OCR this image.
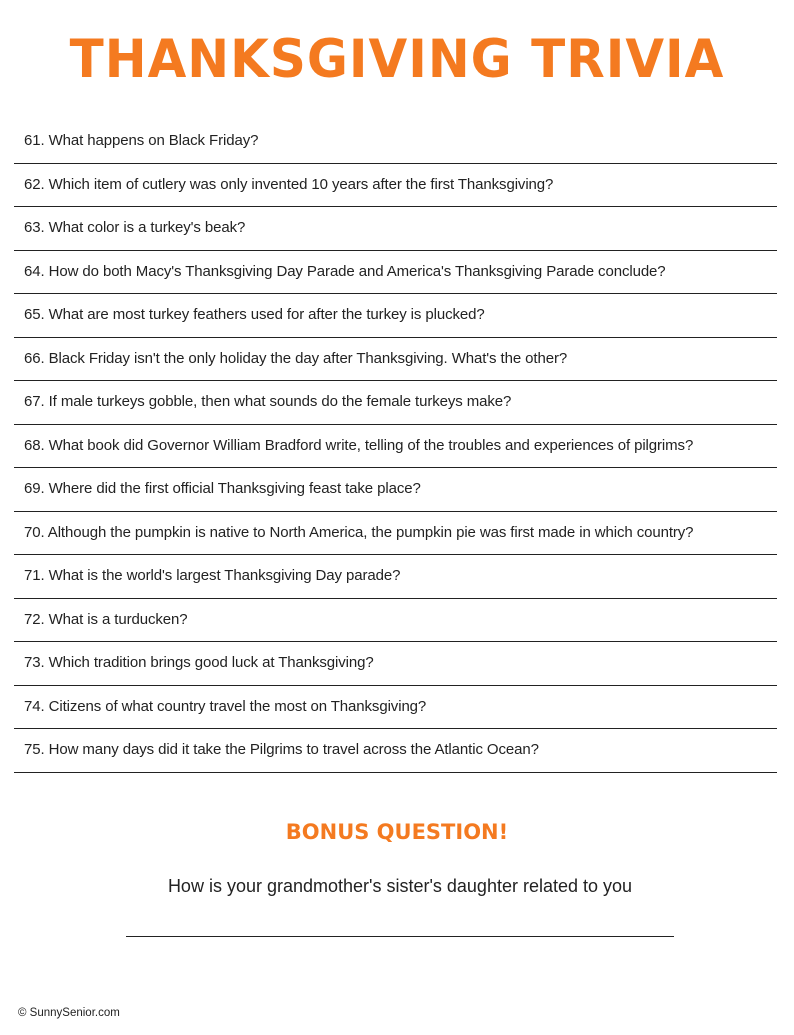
THANKSGIVING TRIVIA
61. What happens on Black Friday?
62. Which item of cutlery was only invented 10 years after the first Thanksgiving?
63. What color is a turkey's beak?
64. How do both Macy's Thanksgiving Day Parade and America's Thanksgiving Parade conclude?
65. What are most turkey feathers used for after the turkey is plucked?
66. Black Friday isn't the only holiday the day after Thanksgiving. What's the other?
67. If male turkeys gobble, then what sounds do the female turkeys make?
68. What book did Governor William Bradford write, telling of the troubles and experiences of pilgrims?
69. Where did the first official Thanksgiving feast take place?
70. Although the pumpkin is native to North America, the pumpkin pie was first made in which country?
71. What is the world's largest Thanksgiving Day parade?
72. What is a turducken?
73. Which tradition brings good luck at Thanksgiving?
74. Citizens of what country travel the most on Thanksgiving?
75. How many days did it take the Pilgrims to travel across the Atlantic Ocean?
BONUS QUESTION!
How is your grandmother's sister's daughter related to you
© SunnySenior.com
